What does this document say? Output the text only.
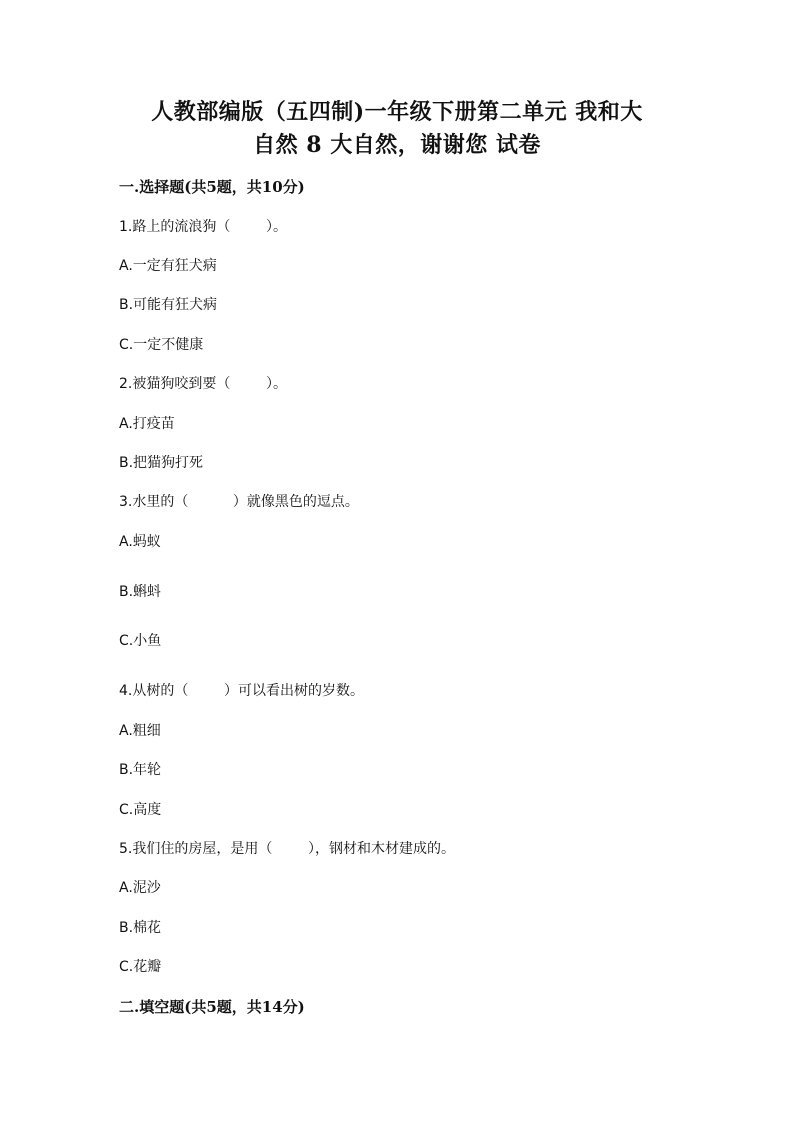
人教部编版（五四制)一年级下册第二单元 我和大
自然 8 大自然，谢谢您 试卷
一.选择题(共5题，共10分)
1.路上的流浪狗（	）。
A.一定有狂犬病
B.可能有狂犬病
C.一定不健康
2.被猫狗咬到要（	）。
A.打疫苗
B.把猫狗打死
3.水里的（	）就像黑色的逗点。
A.蚂蚁
B.蝌蚪
C.小鱼
4.从树的（	）可以看出树的岁数。
A.粗细
B.年轮
C.高度
5.我们住的房屋，是用（	），钢材和木材建成的。
A.泥沙
B.棉花
C.花瓣
二.填空题(共5题，共14分)
